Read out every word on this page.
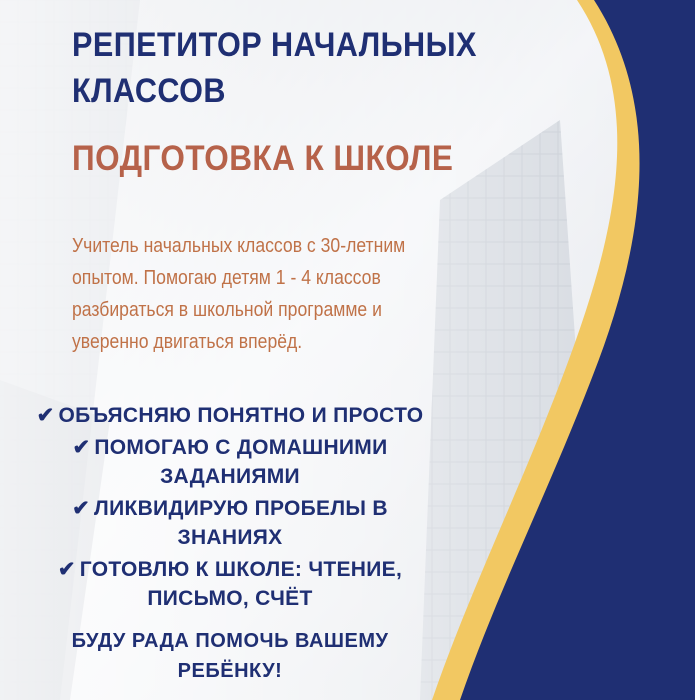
РЕПЕТИТОР НАЧАЛЬНЫХ
КЛАССОВ
ПОДГОТОВКА К ШКОЛЕ
Учитель начальных классов с 30-летним
опытом. Помогаю детям 1 - 4 классов
разбираться в школьной программе и
уверенно двигаться вперёд.
✔ ОБЪЯСНЯЮ ПОНЯТНО И ПРОСТО
✔ ПОМОГАЮ С ДОМАШНИМИ
ЗАДАНИЯМИ
✔ ЛИКВИДИРУЮ ПРОБЕЛЫ В
ЗНАНИЯХ
✔ ГОТОВЛЮ К ШКОЛЕ: ЧТЕНИЕ,
ПИСЬМО, СЧЁТ
БУДУ РАДА ПОМОЧЬ ВАШЕМУ
РЕБЁНКУ!
